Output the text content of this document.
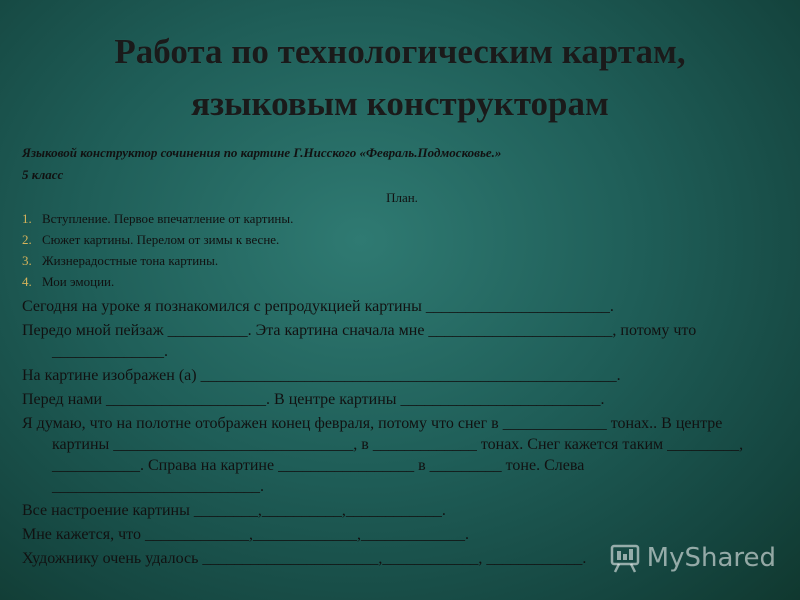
Работа по технологическим картам,
языковым конструкторам
Языковой конструктор сочинения по картине Г.Нисского «Февраль.Подмосковье.»
5 класс
План.
1. Вступление. Первое впечатление от картины.
2. Сюжет картины. Перелом от зимы к весне.
3. Жизнерадостные тона картины.
4. Мои эмоции.
Сегодня на уроке я познакомился с репродукцией картины _______________________.
Передо мной пейзаж __________. Эта картина сначала мне _______________________, потому что ______________.
На картине изображен (а) ____________________________________________________.
Перед нами ____________________. В центре картины _________________________.
Я думаю, что на полотне отображен конец февраля, потому что снег в _____________ тонах.. В центре картины ______________________________, в _____________ тонах. Снег кажется таким _________, ___________. Справа на картине _________________ в _________ тоне. Слева __________________________.
Все настроение картины ________,__________,____________.
Мне кажется, что _____________,_____________,_____________.
Художнику очень удалось ______________________,____________, ____________.	MyShared
